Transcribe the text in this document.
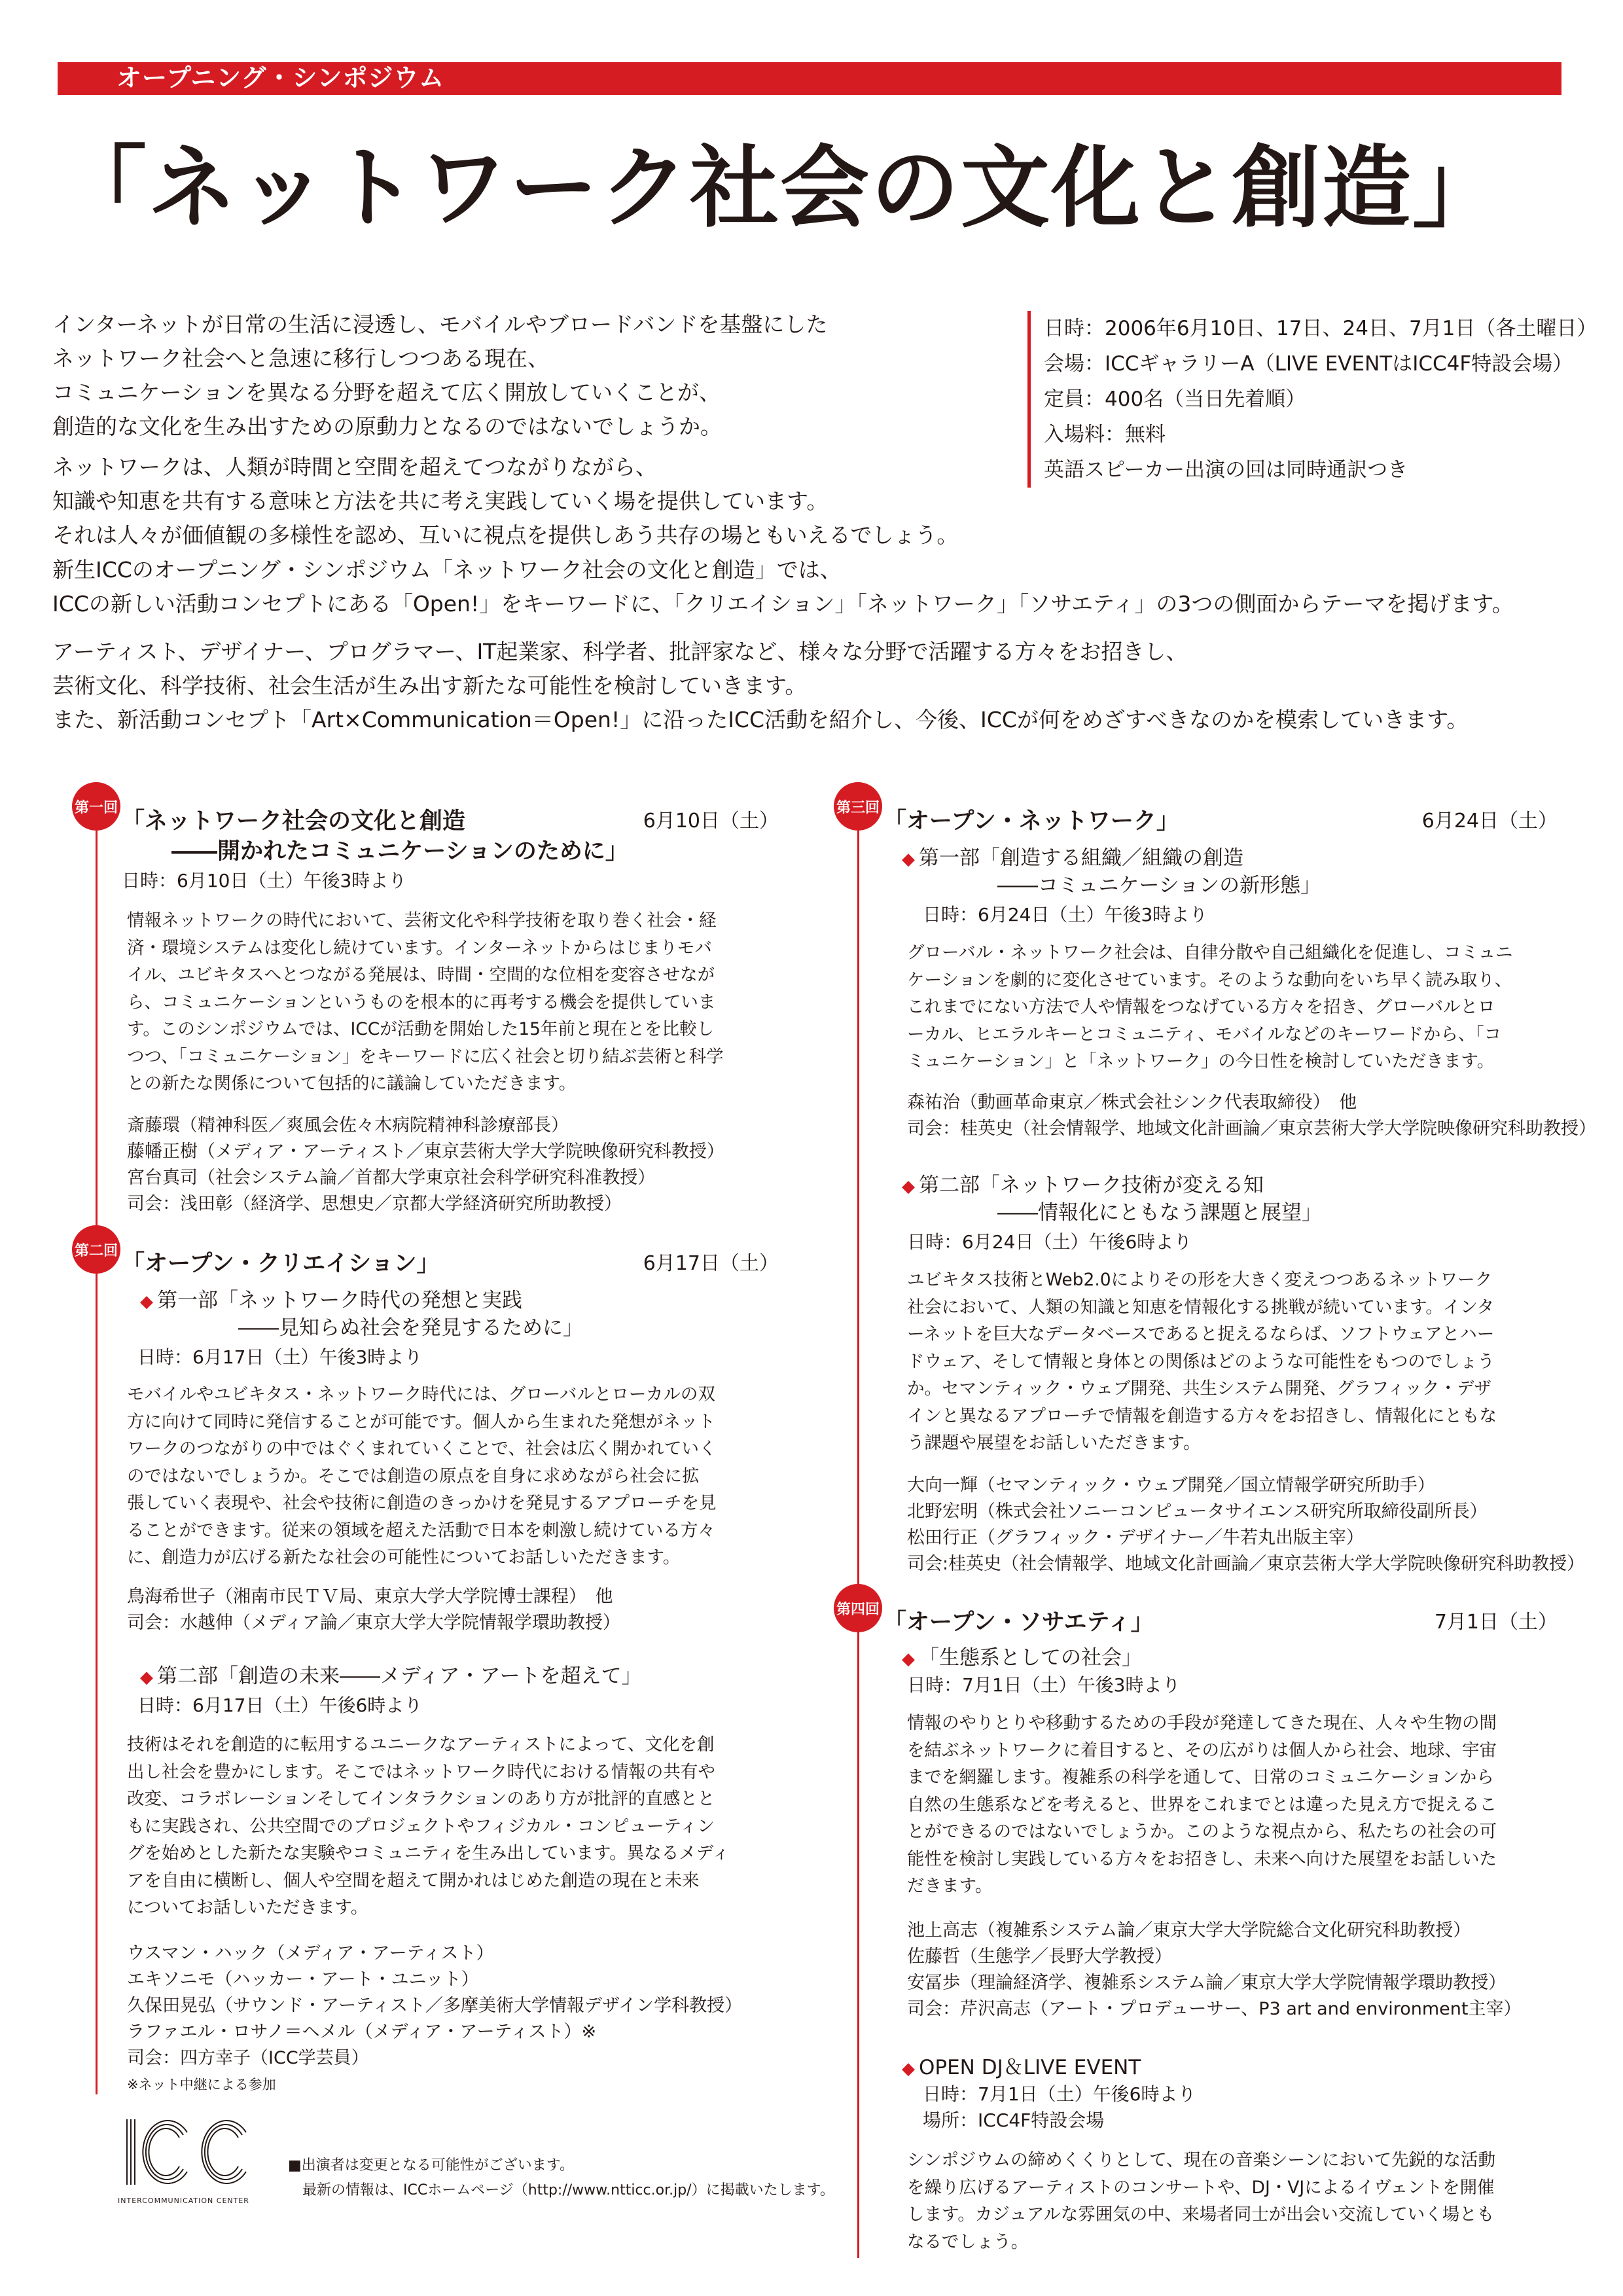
オープニング・シンポジウム
「ネットワーク社会の文化と創造」

インターネットが日常の生活に浸透し、モバイルやブロードバンドを基盤にした

ネットワーク社会へと急速に移行しつつある現在、

コミュニケーションを異なる分野を超えて広く開放していくことが、

創造的な文化を生み出すための原動力となるのではないでしょうか。

ネットワークは、人類が時間と空間を超えてつながりながら、

知識や知恵を共有する意味と方法を共に考え実践していく場を提供しています。

それは人々が価値観の多様性を認め、互いに視点を提供しあう共存の場ともいえるでしょう。

新生ICCのオープニング・シンポジウム「ネットワーク社会の文化と創造」では、

ICCの新しい活動コンセプトにある「Open!」をキーワードに、「クリエイション」「ネットワーク」「ソサエティ」の3つの側面からテーマを掲げます。

アーティスト、デザイナー、プログラマー、IT起業家、科学者、批評家など、様々な分野で活躍する方々をお招きし、

芸術文化、科学技術、社会生活が生み出す新たな可能性を検討していきます。

また、新活動コンセプト「Art×Communication＝Open!」に沿ったICC活動を紹介し、今後、ICCが何をめざすべきなのかを模索していきます。

日時：2006年6月10日、17日、24日、7月1日（各土曜日）

会場：ICCギャラリーA（LIVE EVENTはICC4F特設会場）

定員：400名（当日先着順）

入場料：無料

英語スピーカー出演の回は同時通訳つき

第一回
「ネットワーク社会の文化と創造
――開かれたコミュニケーションのために」
6月10日（土）
日時：6月10日（土）午後3時より

情報ネットワークの時代において、芸術文化や科学技術を取り巻く社会・経

済・環境システムは変化し続けています。インターネットからはじまりモバ

イル、ユビキタスへとつながる発展は、時間・空間的な位相を変容させなが

ら、コミュニケーションというものを根本的に再考する機会を提供していま

す。このシンポジウムでは、ICCが活動を開始した15年前と現在とを比較し

つつ、「コミュニケーション」をキーワードに広く社会と切り結ぶ芸術と科学

との新たな関係について包括的に議論していただきます。

斎藤環（精神科医／爽風会佐々木病院精神科診療部長）

藤幡正樹（メディア・アーティスト／東京芸術大学大学院映像研究科教授）

宮台真司（社会システム論／首都大学東京社会科学研究科准教授）

司会：浅田彰（経済学、思想史／京都大学経済研究所助教授）

第二回 「オープン・クリエイション」	6月17日（土）
◆ 第一部「ネットワーク時代の発想と実践
――見知らぬ社会を発見するために」
日時：6月17日（土）午後3時より

モバイルやユビキタス・ネットワーク時代には、グローバルとローカルの双

方に向けて同時に発信することが可能です。個人から生まれた発想がネット

ワークのつながりの中ではぐくまれていくことで、社会は広く開かれていく

のではないでしょうか。そこでは創造の原点を自身に求めながら社会に拡

張していく表現や、社会や技術に創造のきっかけを発見するアプローチを見

ることができます。従来の領域を超えた活動で日本を刺激し続けている方々

に、創造力が広げる新たな社会の可能性についてお話しいただきます。

鳥海希世子（湘南市民ＴＶ局、東京大学大学院博士課程）　他

司会：水越伸（メディア論／東京大学大学院情報学環助教授）

◆ 第二部「創造の未来――メディア・アートを超えて」
日時：6月17日（土）午後6時より

技術はそれを創造的に転用するユニークなアーティストによって、文化を創

出し社会を豊かにします。そこではネットワーク時代における情報の共有や

改変、コラボレーションそしてインタラクションのあり方が批評的直感とと

もに実践され、公共空間でのプロジェクトやフィジカル・コンピューティン

グを始めとした新たな実験やコミュニティを生み出しています。異なるメディ

アを自由に横断し、個人や空間を超えて開かれはじめた創造の現在と未来

についてお話しいただきます。

ウスマン・ハック（メディア・アーティスト）

エキソニモ（ハッカー・アート・ユニット）

久保田晃弘（サウンド・アーティスト／多摩美術大学情報デザイン学科教授）

ラファエル・ロサノ＝ヘメル（メディア・アーティスト）※

司会：四方幸子（ICC学芸員）

※ネット中継による参加
第三回
「オープン・ネットワーク」	6月24日（土）
◆ 第一部「創造する組織／組織の創造
――コミュニケーションの新形態」
日時：6月24日（土）午後3時より

グローバル・ネットワーク社会は、自律分散や自己組織化を促進し、コミュニ

ケーションを劇的に変化させています。そのような動向をいち早く読み取り、

これまでにない方法で人や情報をつなげている方々を招き、グローバルとロ

ーカル、ヒエラルキーとコミュニティ、モバイルなどのキーワードから、「コ

ミュニケーション」と「ネットワーク」の今日性を検討していただきます。

森祐治（動画革命東京／株式会社シンク代表取締役）　他

司会：桂英史（社会情報学、地域文化計画論／東京芸術大学大学院映像研究科助教授）

◆ 第二部「ネットワーク技術が変える知
――情報化にともなう課題と展望」
日時：6月24日（土）午後6時より

ユビキタス技術とWeb2.0によりその形を大きく変えつつあるネットワーク

社会において、人類の知識と知恵を情報化する挑戦が続いています。インタ

ーネットを巨大なデータベースであると捉えるならば、ソフトウェアとハー

ドウェア、そして情報と身体との関係はどのような可能性をもつのでしょう

か。セマンティック・ウェブ開発、共生システム開発、グラフィック・デザ

インと異なるアプローチで情報を創造する方々をお招きし、情報化にともな

う課題や展望をお話しいただきます。

大向一輝（セマンティック・ウェブ開発／国立情報学研究所助手）

北野宏明（株式会社ソニーコンピュータサイエンス研究所取締役副所長）

松田行正（グラフィック・デザイナー／牛若丸出版主宰）

司会:桂英史（社会情報学、地域文化計画論／東京芸術大学大学院映像研究科助教授）

第四回 「オープン・ソサエティ」	7月1日（土）
◆ 「生態系としての社会」
日時：7月1日（土）午後3時より

情報のやりとりや移動するための手段が発達してきた現在、人々や生物の間

を結ぶネットワークに着目すると、その広がりは個人から社会、地球、宇宙

までを網羅します。複雑系の科学を通して、日常のコミュニケーションから

自然の生態系などを考えると、世界をこれまでとは違った見え方で捉えるこ

とができるのではないでしょうか。このような視点から、私たちの社会の可

能性を検討し実践している方々をお招きし、未来へ向けた展望をお話しいた

だきます。

池上高志（複雑系システム論／東京大学大学院総合文化研究科助教授）

佐藤哲（生態学／長野大学教授）

安冨歩（理論経済学、複雑系システム論／東京大学大学院情報学環助教授）

司会：芹沢高志（アート・プロデューサー、P3 art and environment主宰）

◆ OPEN DJ＆LIVE EVENT
日時：7月1日（土）午後6時より
場所：ICC4F特設会場

シンポジウムの締めくくりとして、現在の音楽シーンにおいて先鋭的な活動

を繰り広げるアーティストのコンサートや、DJ・VJによるイヴェントを開催

します。カジュアルな雰囲気の中、来場者同士が出会い交流していく場とも

なるでしょう。

ICC
INTERCOMMUNICATION CENTER

■出演者は変更となる可能性がございます。

　最新の情報は、ICCホームページ（http://www.ntticc.or.jp/）に掲載いたします。
